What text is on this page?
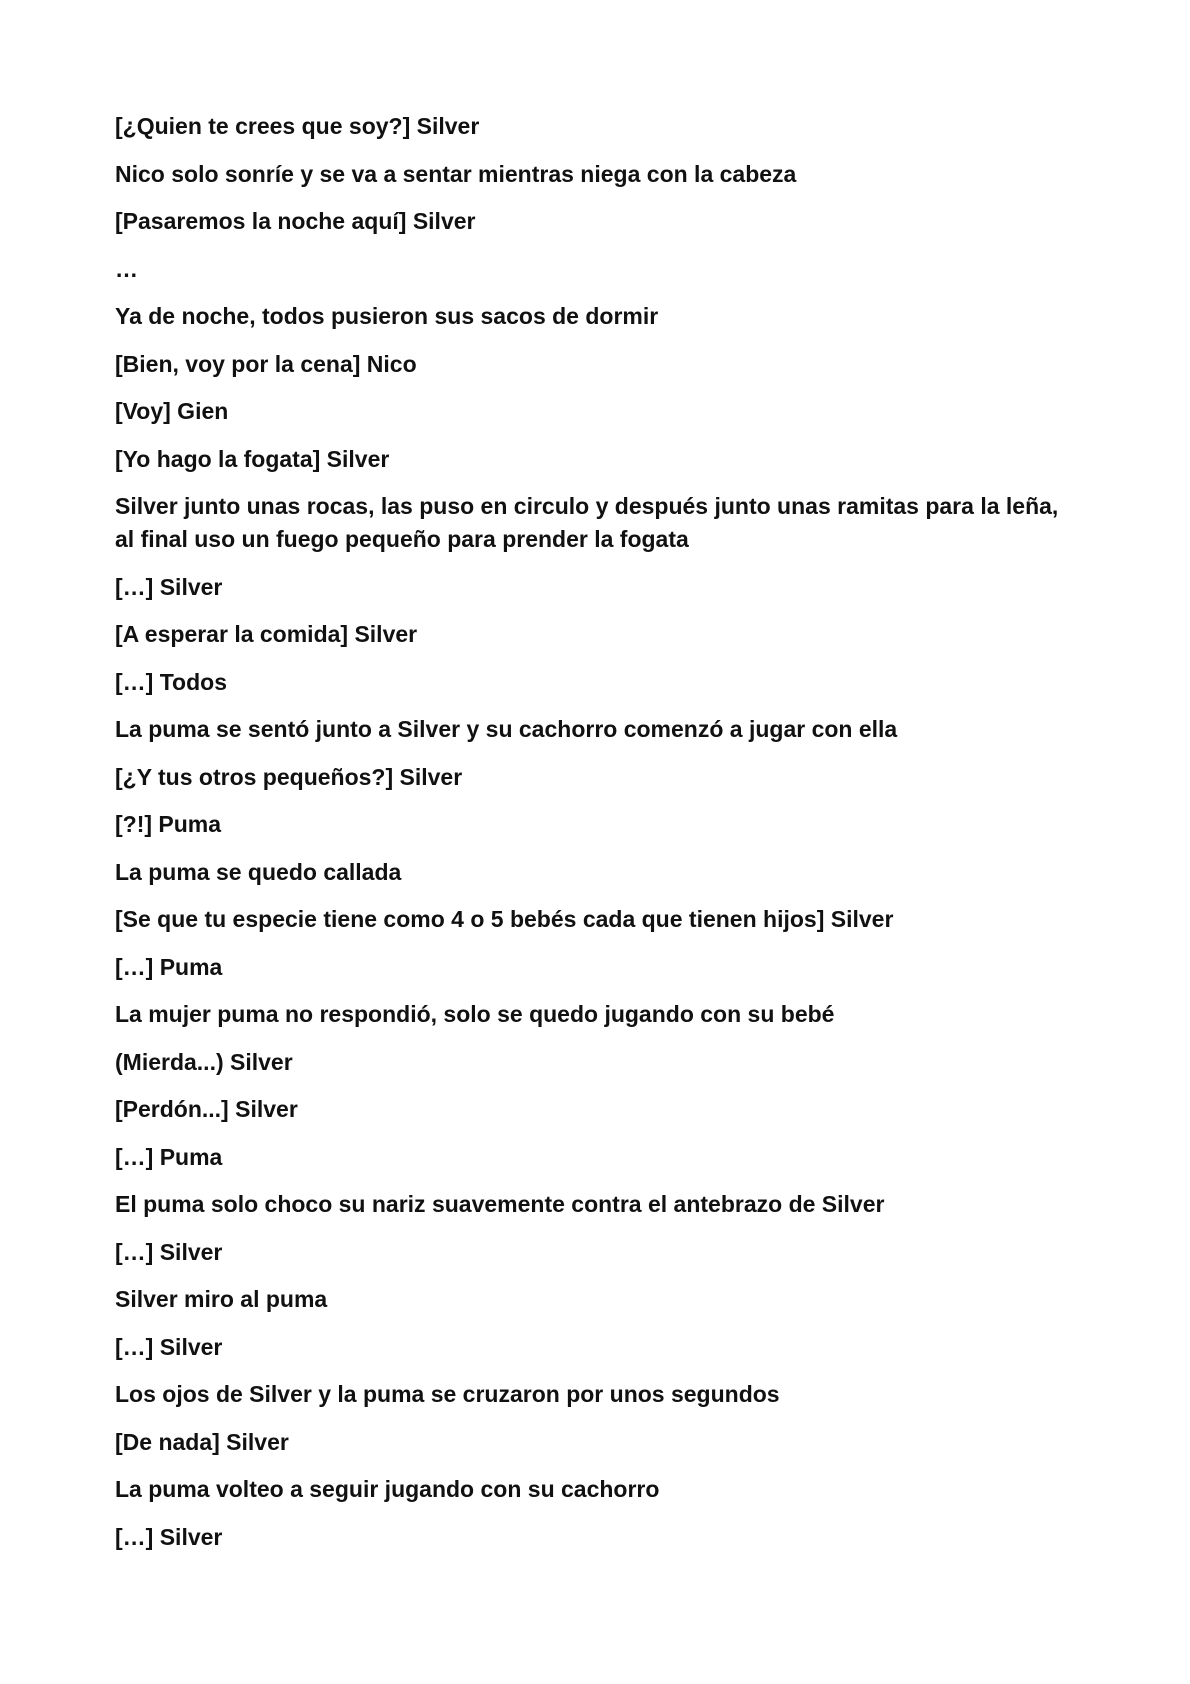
[¿Quien te crees que soy?] Silver

Nico solo sonríe y se va a sentar mientras niega con la cabeza

[Pasaremos la noche aquí] Silver

…

Ya de noche, todos pusieron sus sacos de dormir

[Bien, voy por la cena] Nico

[Voy] Gien

[Yo hago la fogata] Silver

Silver junto unas rocas, las puso en circulo y después junto unas ramitas para la leña, al final uso un fuego pequeño para prender la fogata

[…] Silver

[A esperar la comida] Silver

[…] Todos

La puma se sentó junto a Silver y su cachorro comenzó a jugar con ella

[¿Y tus otros pequeños?] Silver

[?!] Puma

La puma se quedo callada

[Se que tu especie tiene como 4 o 5 bebés cada que tienen hijos] Silver

[…] Puma

La mujer puma no respondió, solo se quedo jugando con su bebé

(Mierda...) Silver

[Perdón...] Silver

[…] Puma

El puma solo choco su nariz suavemente contra el antebrazo de Silver

[…] Silver

Silver miro al puma

[…] Silver

Los ojos de Silver y la puma se cruzaron por unos segundos

[De nada] Silver

La puma volteo a seguir jugando con su cachorro

[…] Silver
